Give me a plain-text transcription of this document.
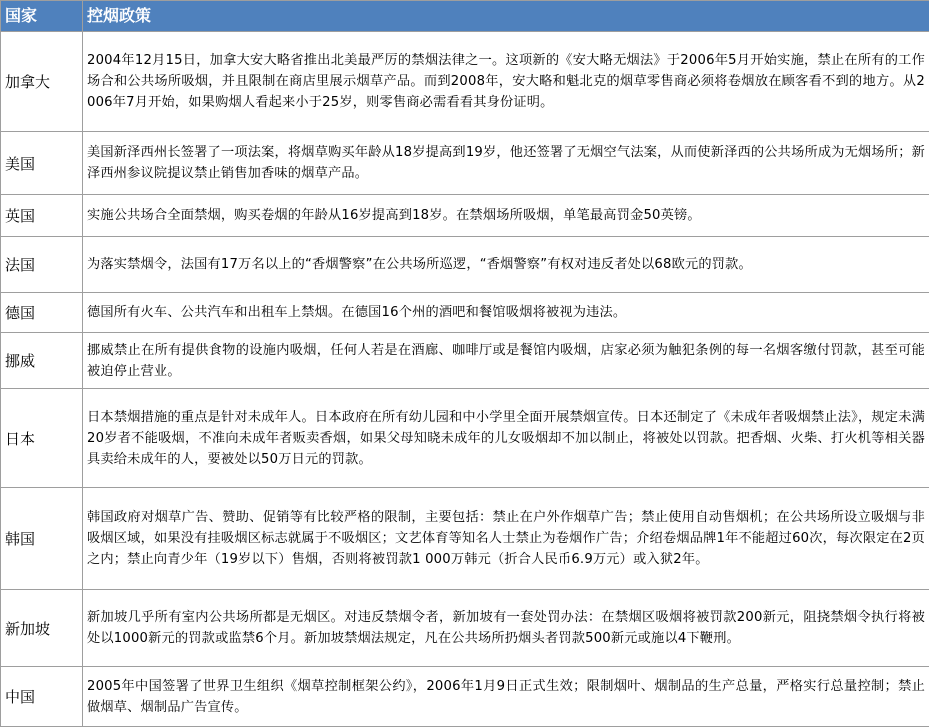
国家	控烟政策
加拿大	2004年12月15日，加拿大安大略省推出北美最严厉的禁烟法律之一。这项新的《安大略无烟法》于2006年5月开始实施，禁止在所有的工作场合和公共场所吸烟，并且限制在商店里展示烟草产品。而到2008年，安大略和魁北克的烟草零售商必须将卷烟放在顾客看不到的地方。从2006年7月开始，如果购烟人看起来小于25岁，则零售商必需看看其身份证明。
美国	美国新泽西州长签署了一项法案，将烟草购买年龄从18岁提高到19岁，他还签署了无烟空气法案，从而使新泽西的公共场所成为无烟场所；新泽西州参议院提议禁止销售加香味的烟草产品。
英国	实施公共场合全面禁烟，购买卷烟的年龄从16岁提高到18岁。在禁烟场所吸烟，单笔最高罚金50英镑。
法国	为落实禁烟令，法国有17万名以上的“香烟警察”在公共场所巡逻，“香烟警察”有权对违反者处以68欧元的罚款。
德国	德国所有火车、公共汽车和出租车上禁烟。在德国16个州的酒吧和餐馆吸烟将被视为违法。
挪威	挪威禁止在所有提供食物的设施内吸烟，任何人若是在酒廊、咖啡厅或是餐馆内吸烟，店家必须为触犯条例的每一名烟客缴付罚款，甚至可能被迫停止营业。
日本	日本禁烟措施的重点是针对未成年人。日本政府在所有幼儿园和中小学里全面开展禁烟宣传。日本还制定了《未成年者吸烟禁止法》，规定未满20岁者不能吸烟，不准向未成年者贩卖香烟，如果父母知晓未成年的儿女吸烟却不加以制止，将被处以罚款。把香烟、火柴、打火机等相关器具卖给未成年的人，要被处以50万日元的罚款。
韩国	韩国政府对烟草广告、赞助、促销等有比较严格的限制，主要包括：禁止在户外作烟草广告；禁止使用自动售烟机；在公共场所设立吸烟与非吸烟区域，如果没有挂吸烟区标志就属于不吸烟区；文艺体育等知名人士禁止为卷烟作广告；介绍卷烟品牌1年不能超过60次，每次限定在2页之内；禁止向青少年（19岁以下）售烟，否则将被罚款1 000万韩元（折合人民币6.9万元）或入狱2年。
新加坡	新加坡几乎所有室内公共场所都是无烟区。对违反禁烟令者，新加坡有一套处罚办法：在禁烟区吸烟将被罚款200新元，阻挠禁烟令执行将被处以1000新元的罚款或监禁6个月。新加坡禁烟法规定，凡在公共场所扔烟头者罚款500新元或施以4下鞭刑。
中国	2005年中国签署了世界卫生组织《烟草控制框架公约》，2006年1月9日正式生效；限制烟叶、烟制品的生产总量，严格实行总量控制；禁止做烟草、烟制品广告宣传。
